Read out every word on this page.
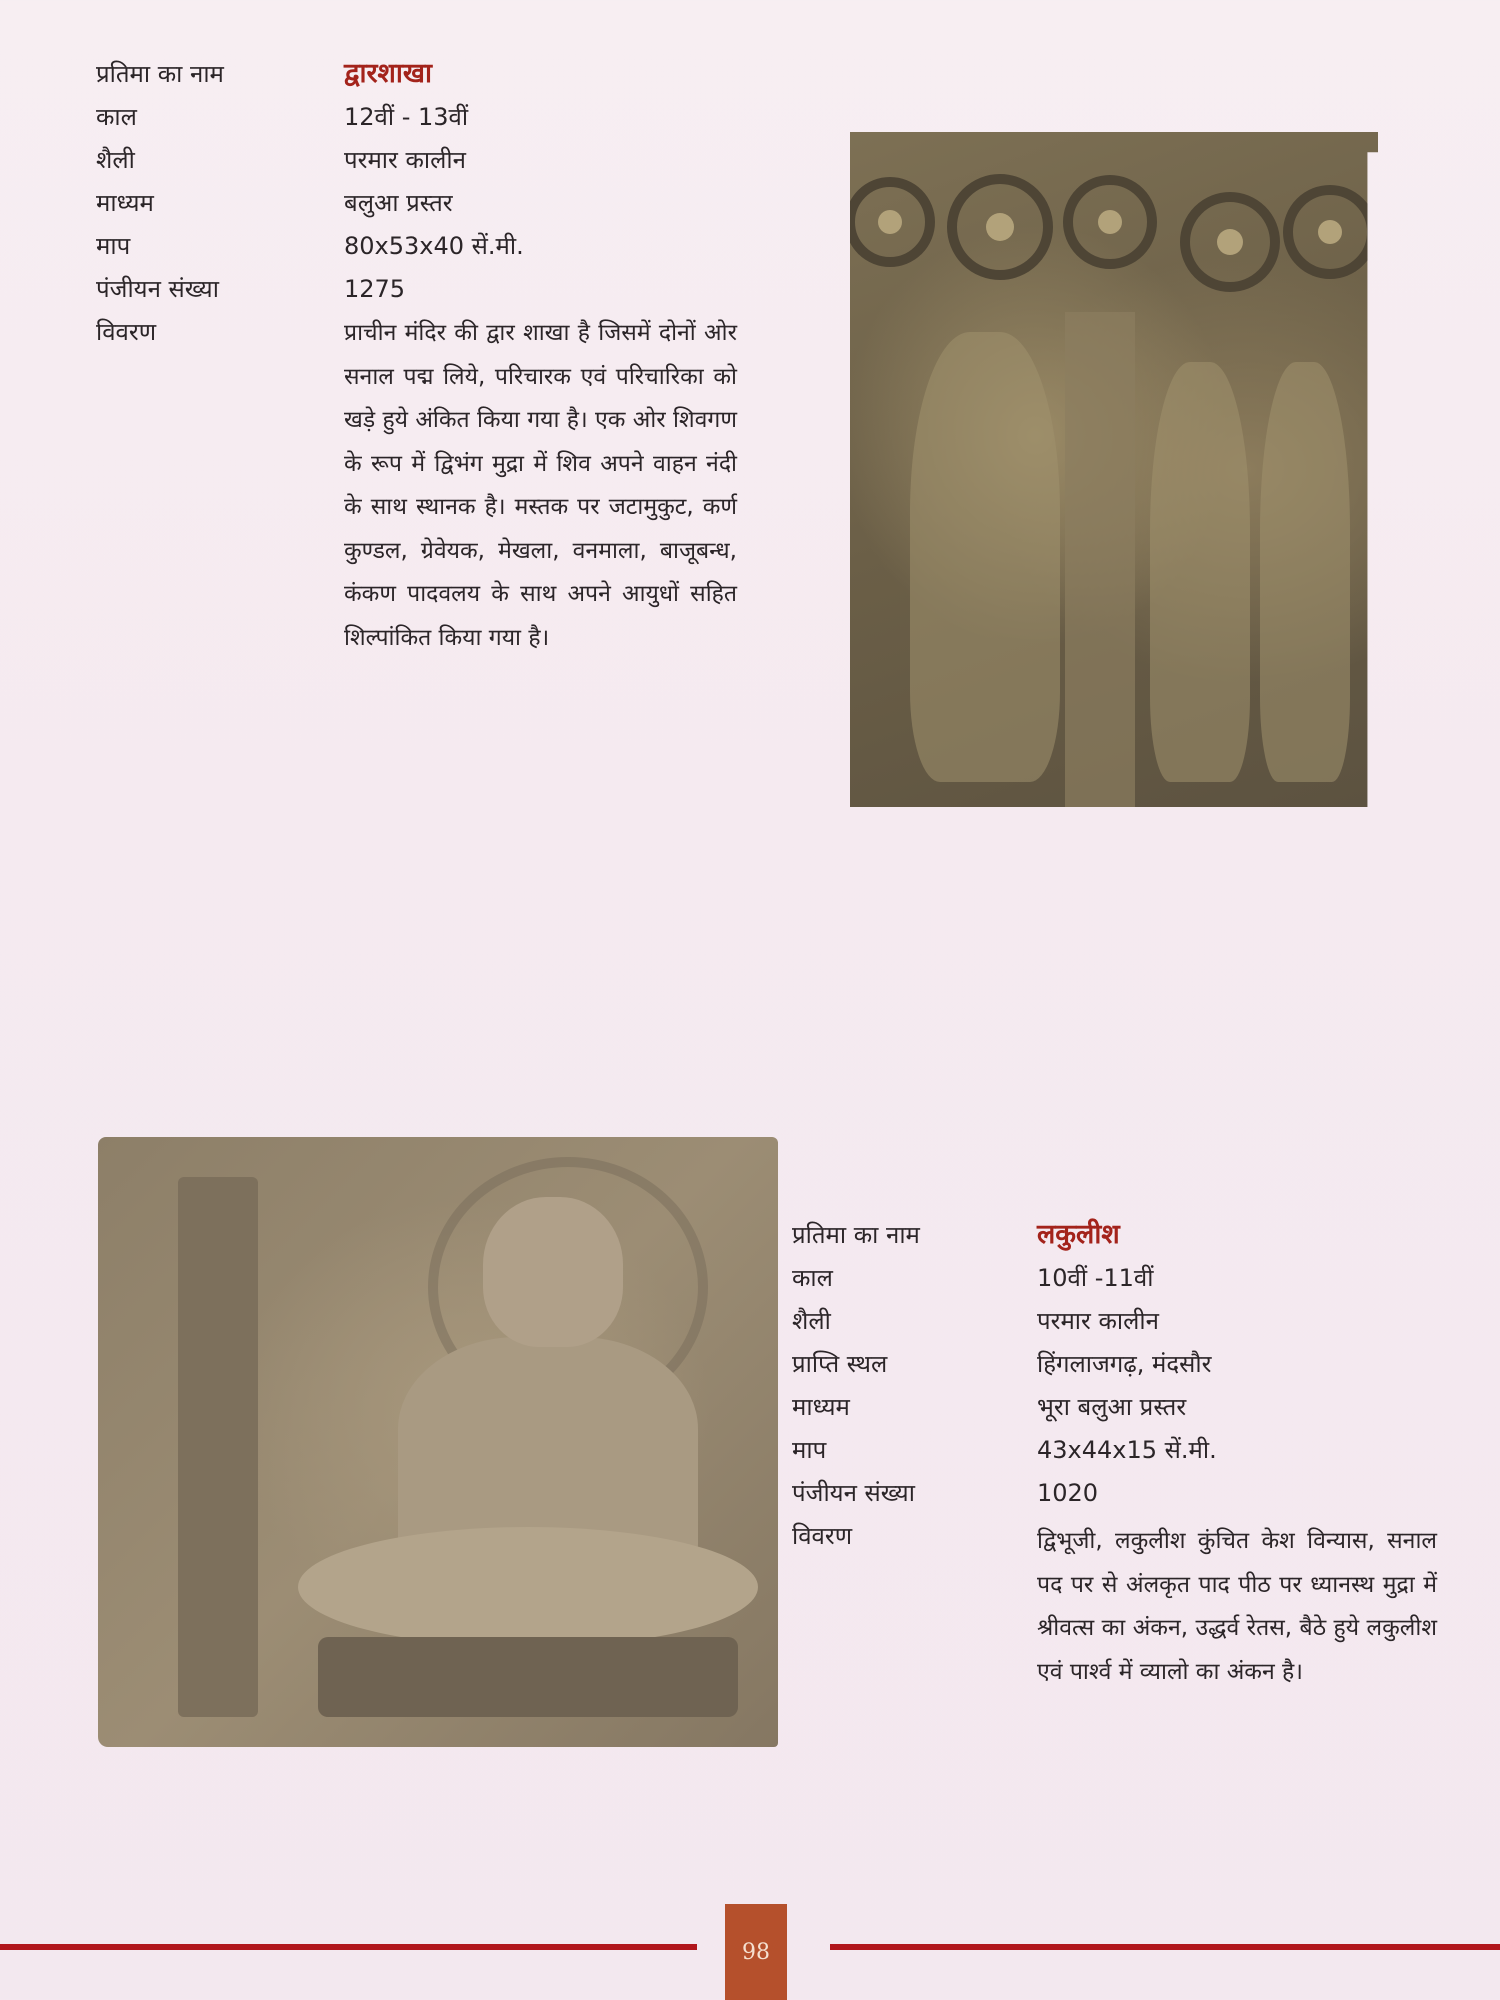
प्रतिमा का नाम	द्वारशाखा
काल	12वीं - 13वीं
शैली	परमार कालीन
माध्यम	बलुआ प्रस्तर
माप	80x53x40 सें.मी.
पंजीयन संख्या	1275
विवरण	प्राचीन मंदिर की द्वार शाखा है जिसमें दोनों ओर सनाल पद्म लिये, परिचारक एवं परिचारिका को खड़े हुये अंकित किया गया है। एक ओर शिवगण के रूप में द्विभंग मुद्रा में शिव अपने वाहन नंदी के साथ स्थानक है। मस्तक पर जटामुकुट, कर्ण कुण्डल, ग्रेवेयक, मेखला, वनमाला, बाजूबन्ध, कंकण पादवलय के साथ अपने आयुधों सहित शिल्पांकित किया गया है।
प्रतिमा का नाम	लकुलीश
काल	10वीं -11वीं
शैली	परमार कालीन
प्राप्ति स्थल	हिंगलाजगढ़, मंदसौर
माध्यम	भूरा बलुआ प्रस्तर
माप	43x44x15 सें.मी.
पंजीयन संख्या	1020
विवरण	द्विभूजी, लकुलीश कुंचित केश विन्यास, सनाल पद पर से अंलकृत पाद पीठ पर ध्यानस्थ मुद्रा में श्रीवत्स का अंकन, उद्धर्व रेतस, बैठे हुये लकुलीश एवं पार्श्व में व्यालो का अंकन है।
98
